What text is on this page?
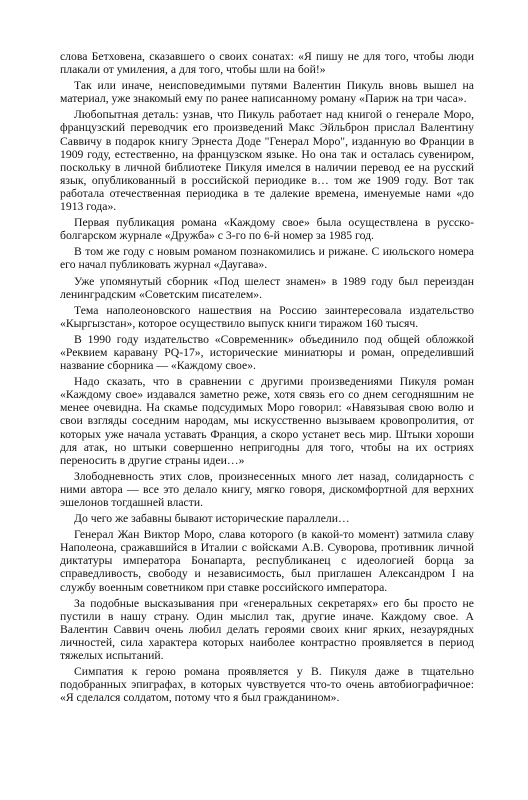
слова Бетховена, сказавшего о своих сонатах: «Я пишу не для того, чтобы люди плакали от умиления, а для того, чтобы шли на бой!»

Так или иначе, неисповедимыми путями Валентин Пикуль вновь вышел на материал, уже знакомый ему по ранее написанному роману «Париж на три часа».

Любопытная деталь: узнав, что Пикуль работает над книгой о генерале Моро, французский переводчик его произведений Макс Эйльброн прислал Валентину Саввичу в подарок книгу Эрнеста Доде "Генерал Моро", изданную во Франции в 1909 году, естественно, на французском языке. Но она так и осталась сувениром, поскольку в личной библиотеке Пикуля имелся в наличии перевод ее на русский язык, опубликованный в российской периодике в… том же 1909 году. Вот так работала отечественная периодика в те далекие времена, именуемые нами «до 1913 года».

Первая публикация романа «Каждому свое» была осуществлена в русско-болгарском журнале «Дружба» с 3-го по 6-й номер за 1985 год.

В том же году с новым романом познакомились и рижане. С июльского номера его начал публиковать журнал «Даугава».

Уже упомянутый сборник «Под шелест знамен» в 1989 году был переиздан ленинградским «Советским писателем».

Тема наполеоновского нашествия на Россию заинтересовала издательство «Кыргызстан», которое осуществило выпуск книги тиражом 160 тысяч.

В 1990 году издательство «Современник» объединило под общей обложкой «Реквием каравану PQ-17», исторические миниатюры и роман, определивший название сборника — «Каждому свое».

Надо сказать, что в сравнении с другими произведениями Пикуля роман «Каждому свое» издавался заметно реже, хотя связь его со днем сегодняшним не менее очевидна. На скамье подсудимых Моро говорил: «Навязывая свою волю и свои взгляды соседним народам, мы искусственно вызываем кровопролития, от которых уже начала уставать Франция, а скоро устанет весь мир. Штыки хороши для атак, но штыки совершенно непригодны для того, чтобы на их остриях переносить в другие страны идеи…»

Злободневность этих слов, произнесенных много лет назад, солидарность с ними автора — все это делало книгу, мягко говоря, дискомфортной для верхних эшелонов тогдашней власти.

До чего же забавны бывают исторические параллели…

Генерал Жан Виктор Моро, слава которого (в какой-то момент) затмила славу Наполеона, сражавшийся в Италии с войсками А.В. Суворова, противник личной диктатуры императора Бонапарта, республиканец с идеологией борца за справедливость, свободу и независимость, был приглашен Александром I на службу военным советником при ставке российского императора.

За подобные высказывания при «генеральных секретарях» его бы просто не пустили в нашу страну. Один мыслил так, другие иначе. Каждому свое. А Валентин Саввич очень любил делать героями своих книг ярких, незаурядных личностей, сила характера которых наиболее контрастно проявляется в период тяжелых испытаний.

Симпатия к герою романа проявляется у В. Пикуля даже в тщательно подобранных эпиграфах, в которых чувствуется что-то очень автобиографичное: «Я сделался солдатом, потому что я был гражданином».
